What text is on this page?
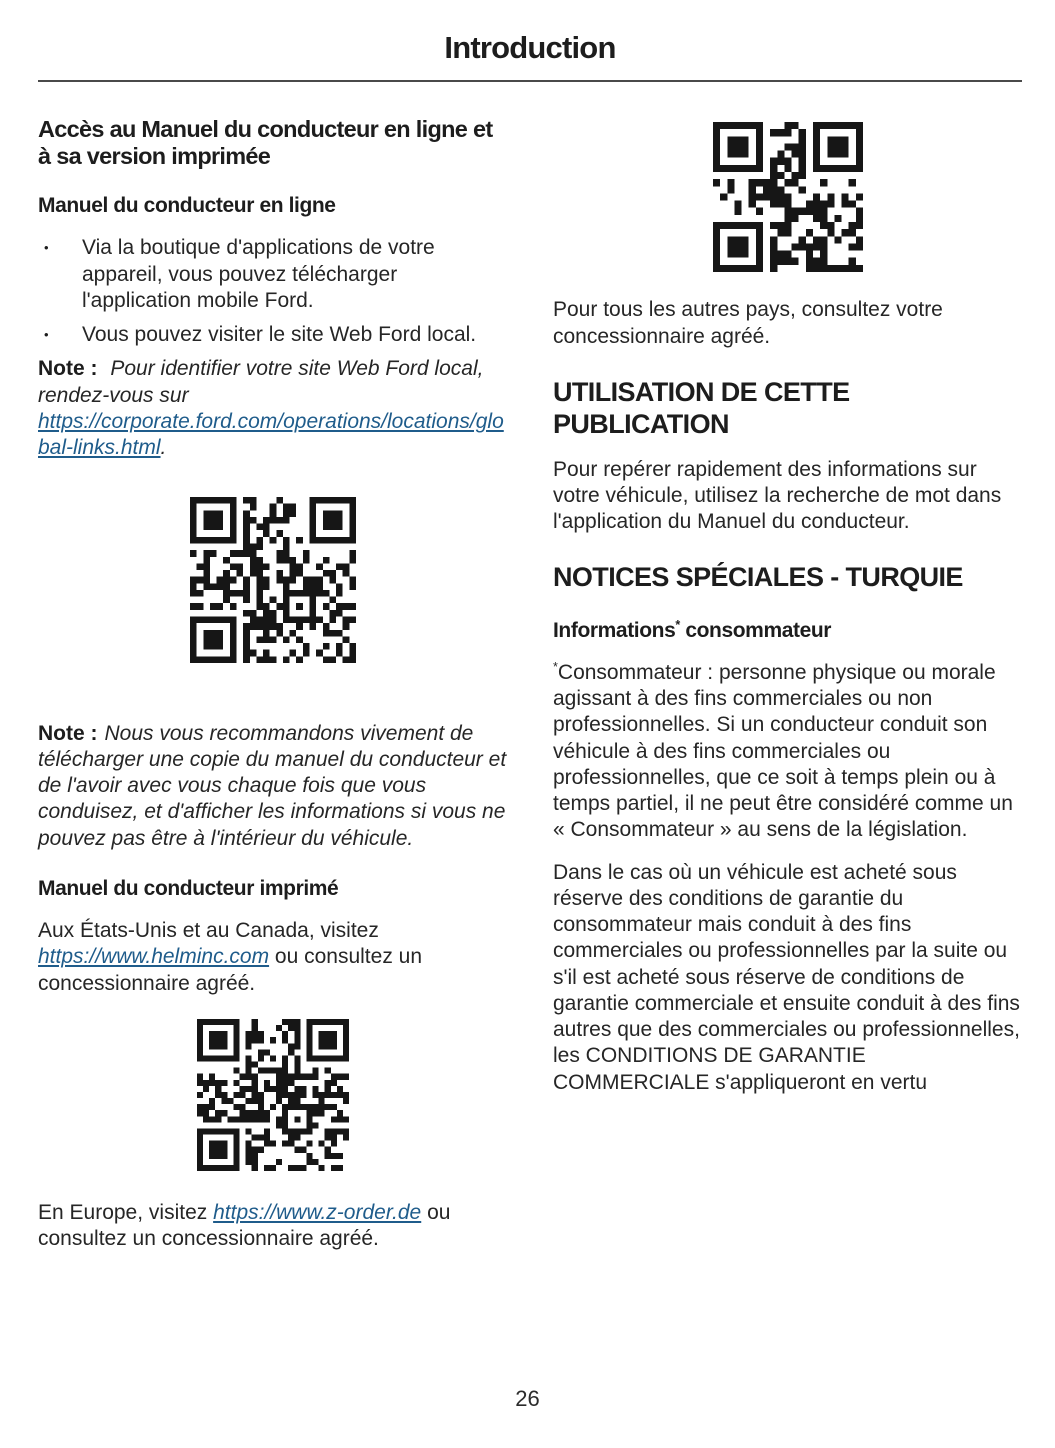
Introduction
Accès au Manuel du conducteur en ligne et à sa version imprimée
Manuel du conducteur en ligne
•	Via la boutique d'applications de votre appareil, vous pouvez télécharger l'application mobile Ford.
•	Vous pouvez visiter le site Web Ford local.

Note : Pour identifier votre site Web Ford local, rendez-vous sur https://corporate.ford.com/operations/locations/global-links.html.

Note : Nous vous recommandons vivement de télécharger une copie du manuel du conducteur et de l'avoir avec vous chaque fois que vous conduisez, et d'afficher les informations si vous ne pouvez pas être à l'intérieur du véhicule.

Manuel du conducteur imprimé

Aux États-Unis et au Canada, visitez https://www.helminc.com ou consultez un concessionnaire agréé.

En Europe, visitez https://www.z-order.de ou consultez un concessionnaire agréé.

Pour tous les autres pays, consultez votre concessionnaire agréé.

UTILISATION DE CETTE PUBLICATION

Pour repérer rapidement des informations sur votre véhicule, utilisez la recherche de mot dans l'application du Manuel du conducteur.

NOTICES SPÉCIALES - TURQUIE
Informations* consommateur

*Consommateur : personne physique ou morale agissant à des fins commerciales ou non professionnelles. Si un conducteur conduit son véhicule à des fins commerciales ou professionnelles, que ce soit à temps plein ou à temps partiel, il ne peut être considéré comme un « Consommateur » au sens de la législation.

Dans le cas où un véhicule est acheté sous réserve des conditions de garantie du consommateur mais conduit à des fins commerciales ou professionnelles par la suite ou s'il est acheté sous réserve de conditions de garantie commerciale et ensuite conduit à des fins autres que des commerciales ou professionnelles, les CONDITIONS DE GARANTIE COMMERCIALE s'appliqueront en vertu

26
